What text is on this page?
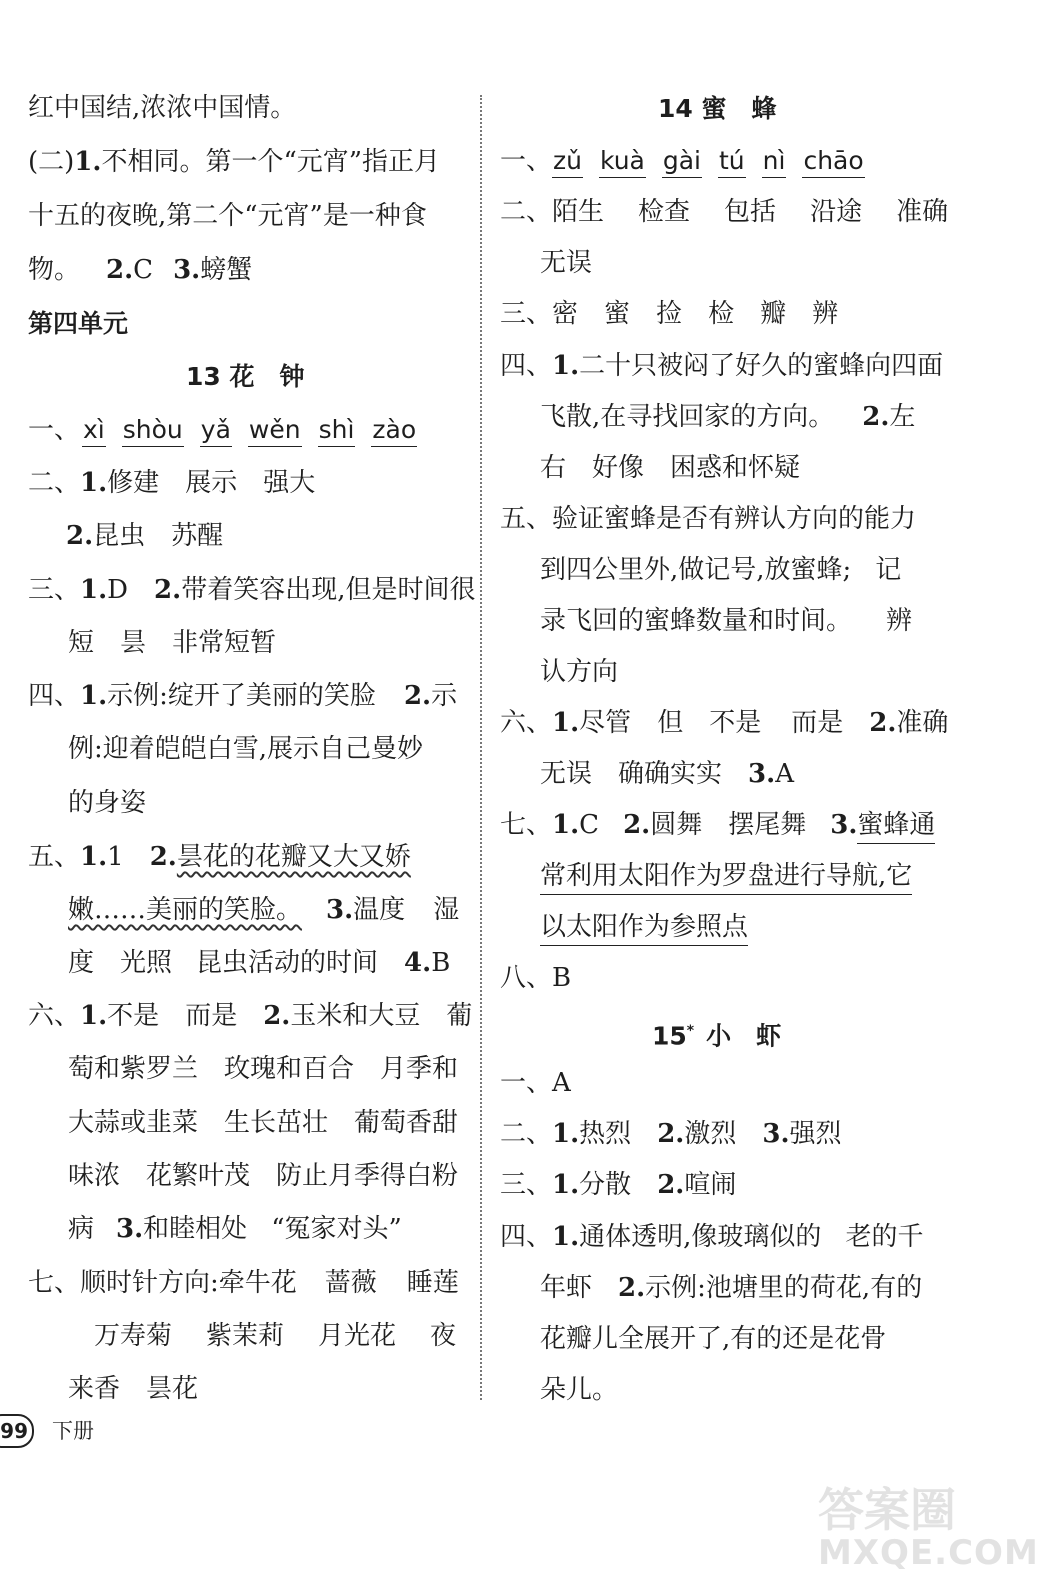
红中国结,浓浓中国情。
(二)1.不相同。第一个“元宵”指正月
十五的夜晚,第二个“元宵”是一种食
物。 2.C 3.螃蟹
第四单元
13 花　钟
一、 xì shòu yǎ wěn shì zào
二、1.修建 展示 强大
2.昆虫 苏醒
三、1.D 2.带着笑容出现,但是时间很
短 昙 非常短暂
四、1.示例:绽开了美丽的笑脸 2.示
例:迎着皑皑白雪,展示自己曼妙
的身姿
五、1.1 2.昙花的花瓣又大又娇
嫩……美丽的笑脸。 3.温度 湿
度 光照 昆虫活动的时间 4.B
六、1.不是 而是 2.玉米和大豆 葡
萄和紫罗兰 玫瑰和百合 月季和
大蒜或韭菜 生长茁壮 葡萄香甜
味浓 花繁叶茂 防止月季得白粉
病 3.和睦相处 “冤家对头”
七、顺时针方向:牵牛花 蔷薇 睡莲
万寿菊 紫茉莉 月光花 夜
来香 昙花
14 蜜　蜂
一、zǔ kuà gài tú nì chāo
二、陌生 检查 包括 沿途 准确
无误
三、密 蜜 捡 检 瓣 辨
四、1.二十只被闷了好久的蜜蜂向四面
飞散,在寻找回家的方向。 2.左
右 好像 困惑和怀疑
五、验证蜜蜂是否有辨认方向的能力
到四公里外,做记号,放蜜蜂; 记
录飞回的蜜蜂数量和时间。 辨
认方向
六、1.尽管 但 不是 而是 2.准确
无误 确确实实 3.A
七、1.C 2.圆舞 摆尾舞 3.蜜蜂通
常利用太阳作为罗盘进行导航,它
以太阳作为参照点
八、B
15* 小　虾
一、A
二、1.热烈 2.激烈 3.强烈
三、1.分散 2.喧闹
四、1.通体透明,像玻璃似的 老的千
年虾 2.示例:池塘里的荷花,有的
花瓣儿全展开了,有的还是花骨
朵儿。
99 下册
答案圈
MXQE.COM
